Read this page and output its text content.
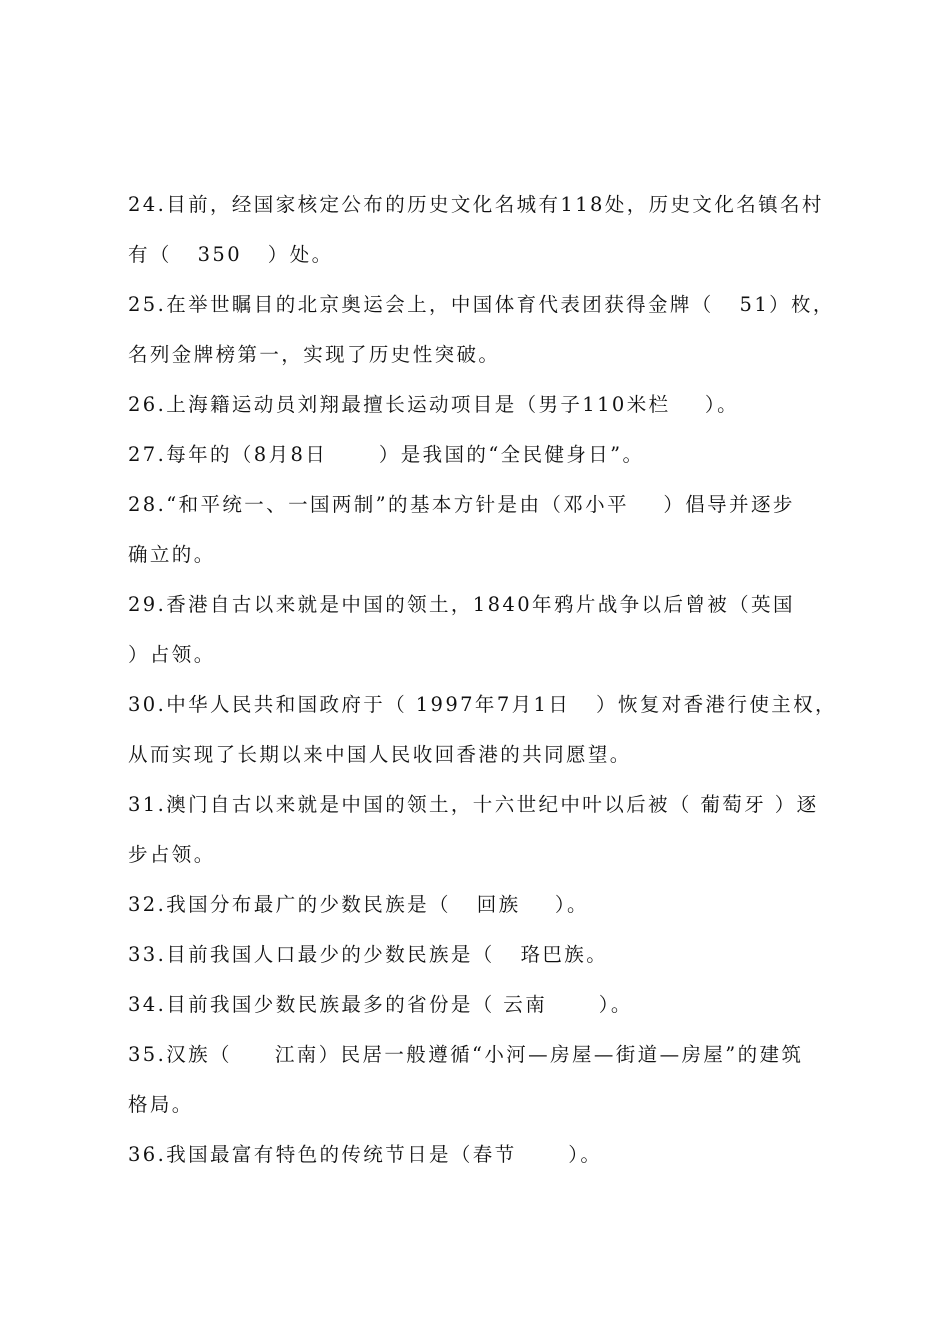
24.目前，经国家核定公布的历史文化名城有118处，历史文化名镇名村
有（   350   ）处。
25.在举世瞩目的北京奥运会上，中国体育代表团获得金牌（   51）枚，
名列金牌榜第一，实现了历史性突破。
26.上海籍运动员刘翔最擅长运动项目是（男子110米栏    ）。
27.每年的（8月8日      ）是我国的“全民健身日”。
28.“和平统一、一国两制”的基本方针是由（邓小平    ）倡导并逐步
确立的。
29.香港自古以来就是中国的领土，1840年鸦片战争以后曾被（英国
）占领。
30.中华人民共和国政府于（ 1997年7月1日   ）恢复对香港行使主权，
从而实现了长期以来中国人民收回香港的共同愿望。
31.澳门自古以来就是中国的领土，十六世纪中叶以后被（ 葡萄牙 ）逐
步占领。
32.我国分布最广的少数民族是（   回族    ）。
33.目前我国人口最少的少数民族是（   珞巴族。
34.目前我国少数民族最多的省份是（ 云南      ）。
35.汉族（     江南）民居一般遵循“小河—房屋—街道—房屋”的建筑
格局。
36.我国最富有特色的传统节日是（春节      ）。
